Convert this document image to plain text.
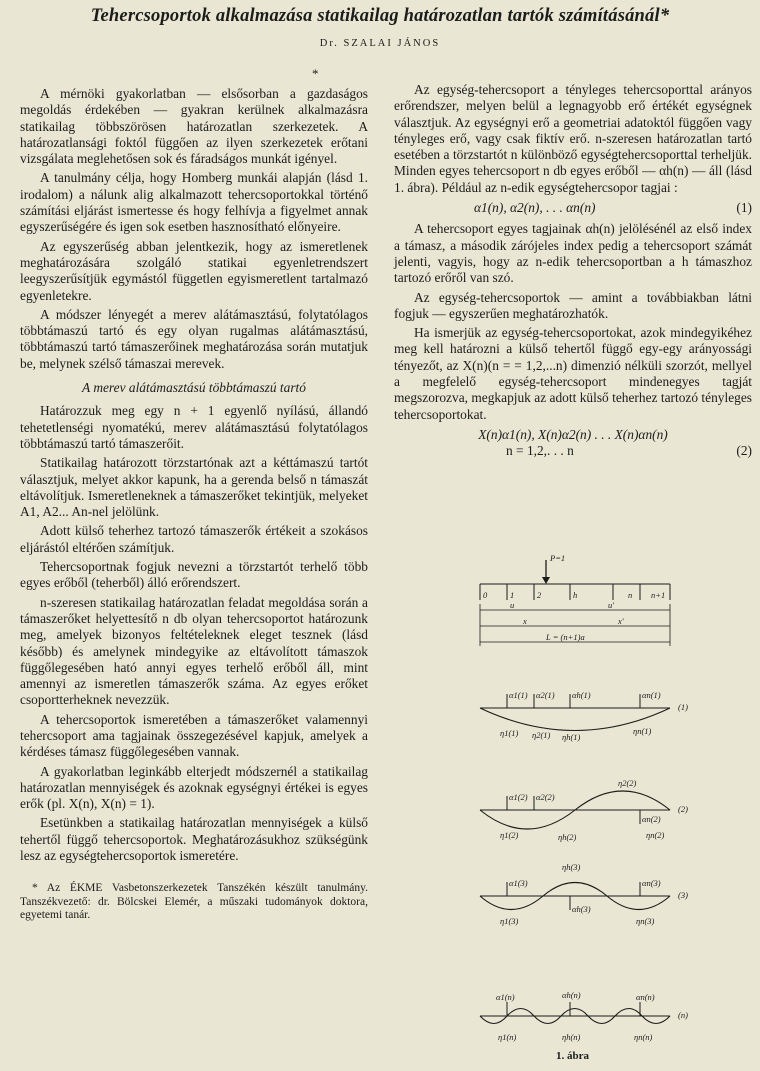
Tehercsoportok alkalmazása statikailag határozatlan tartók számításánál*
Dr. SZALAI JÁNOS
*

A mérnöki gyakorlatban — elsősorban a gazdaságos megoldás érdekében — gyakran kerülnek alkalmazásra statikailag többszörösen határozatlan szerkezetek. A határozatlansági foktól függően az ilyen szerkezetek erőtani vizsgálata meglehetősen sok és fáradságos munkát igényel.

A tanulmány célja, hogy Homberg munkái alapján (lásd 1. irodalom) a nálunk alig alkalmazott tehercsoportokkal történő számítási eljárást ismertesse és hogy felhívja a figyelmet annak egyszerűségére és igen sok esetben hasznosítható előnyeire.

Az egyszerűség abban jelentkezik, hogy az ismeretlenek meghatározására szolgáló statikai egyenletrendszert leegyszerűsítjük egymástól független egyismeretlent tartalmazó egyenletekre.

A módszer lényegét a merev alátámasztású, folytatólagos többtámaszú tartó és egy olyan rugalmas alátámasztású, többtámaszú tartó támaszerőinek meghatározása során mutatjuk be, melynek szélső támaszai merevek.

A merev alátámasztású többtámaszú tartó

Határozzuk meg egy n + 1 egyenlő nyílású, állandó tehetetlenségi nyomatékú, merev alátámasztású folytatólagos többtámaszú tartó támaszerőit.

Statikailag határozott törzstartónak azt a kéttámaszú tartót választjuk, melyet akkor kapunk, ha a gerenda belső n támaszát eltávolítjuk. Ismeretleneknek a támaszerőket tekintjük, melyeket A1, A2... An-nel jelölünk.

Adott külső teherhez tartozó támaszerők értékeit a szokásos eljárástól eltérően számítjuk.

Tehercsoportnak fogjuk nevezni a törzstartót terhelő több egyes erőből (teherből) álló erőrendszert.

n-szeresen statikailag határozatlan feladat megoldása során a támaszerőket helyettesítő n db olyan tehercsoportot határozunk meg, amelyek bizonyos feltételeknek eleget tesznek (lásd később) és amelynek mindegyike az eltávolított támaszok függőlegesében ható annyi egyes terhelő erőből áll, mint amennyi az ismeretlen támaszerők száma. Az egyes erőket csoportterheknek nevezzük.

A tehercsoportok ismeretében a támaszerőket valamennyi tehercsoport ama tagjainak összegezésével kapjuk, amelyek a kérdéses támasz függőlegesében vannak.

A gyakorlatban leginkább elterjedt módszernél a statikailag határozatlan mennyiségek és azoknak egységnyi értékei is egyes erők (pl. X(n), X(n) = 1).

Esetünkben a statikailag határozatlan mennyiségek a külső tehertől függő tehercsoportok. Meghatározásukhoz szükségünk lesz az egységtehercsoportok ismeretére.

* Az ÉKME Vasbetonszerkezetek Tanszékén készült tanulmány. Tanszékvezető: dr. Bölcskei Elemér, a műszaki tudományok doktora, egyetemi tanár.

Az egység-tehercsoport a tényleges tehercsoporttal arányos erőrendszer, melyen belül a legnagyobb erő értékét egységnek választjuk. Az egységnyi erő a geometriai adatoktól függően vagy tényleges erő, vagy csak fiktív erő. n-szeresen határozatlan tartó esetében a törzstartót n különböző egységtehercsoporttal terheljük. Minden egyes tehercsoport n db egyes erőből — αh(n) — áll (lásd 1. ábra). Például az n-edik egységtehercsopor tagjai :

α1(n), α2(n), . . . αn(n)	(1)

A tehercsoport egyes tagjainak αh(n) jelölésénél az első index a támasz, a második zárójeles index pedig a tehercsoport számát jelenti, vagyis, hogy az n-edik tehercsoportban a h támaszhoz tartozó erőről van szó.

Az egység-tehercsoportok — amint a továbbiakban látni fogjuk — egyszerűen meghatározhatók.

Ha ismerjük az egység-tehercsoportokat, azok mindegyikéhez meg kell határozni a külső tehertől függő egy-egy arányossági tényezőt, az X(n)(n = = 1,2,...n) dimenzió nélküli szorzót, mellyel a megfelelő egység-tehercsoport mindenegyes tagját megszorozva, megkapjuk az adott külső teherhez tartozó tényleges tehercsoportokat.

X(n)α1(n), X(n)α2(n) . . . X(n)αn(n)
n = 1,2,. . . n	(2)
P=1
0	1	2	h	n n+1
u	u'
x	x'
L = (n+1)a
α1(1) α2(1) αh(1)	αn(1)
η1(1) η2(1) ηh(1)
ηn(1)
(1)
α1(2) α2(2)
αn(2)
η1(2)	ηh(2)
η2(2)
ηn(2)
(2)
α1(3)
αh(3)
αn(3)
η1(3)
ηh(3)
ηn(3)
(3)
α1(n)	αh(n)	αn(n)
η1(n)	ηh(n)	ηn(n)
(n)
1. ábra
